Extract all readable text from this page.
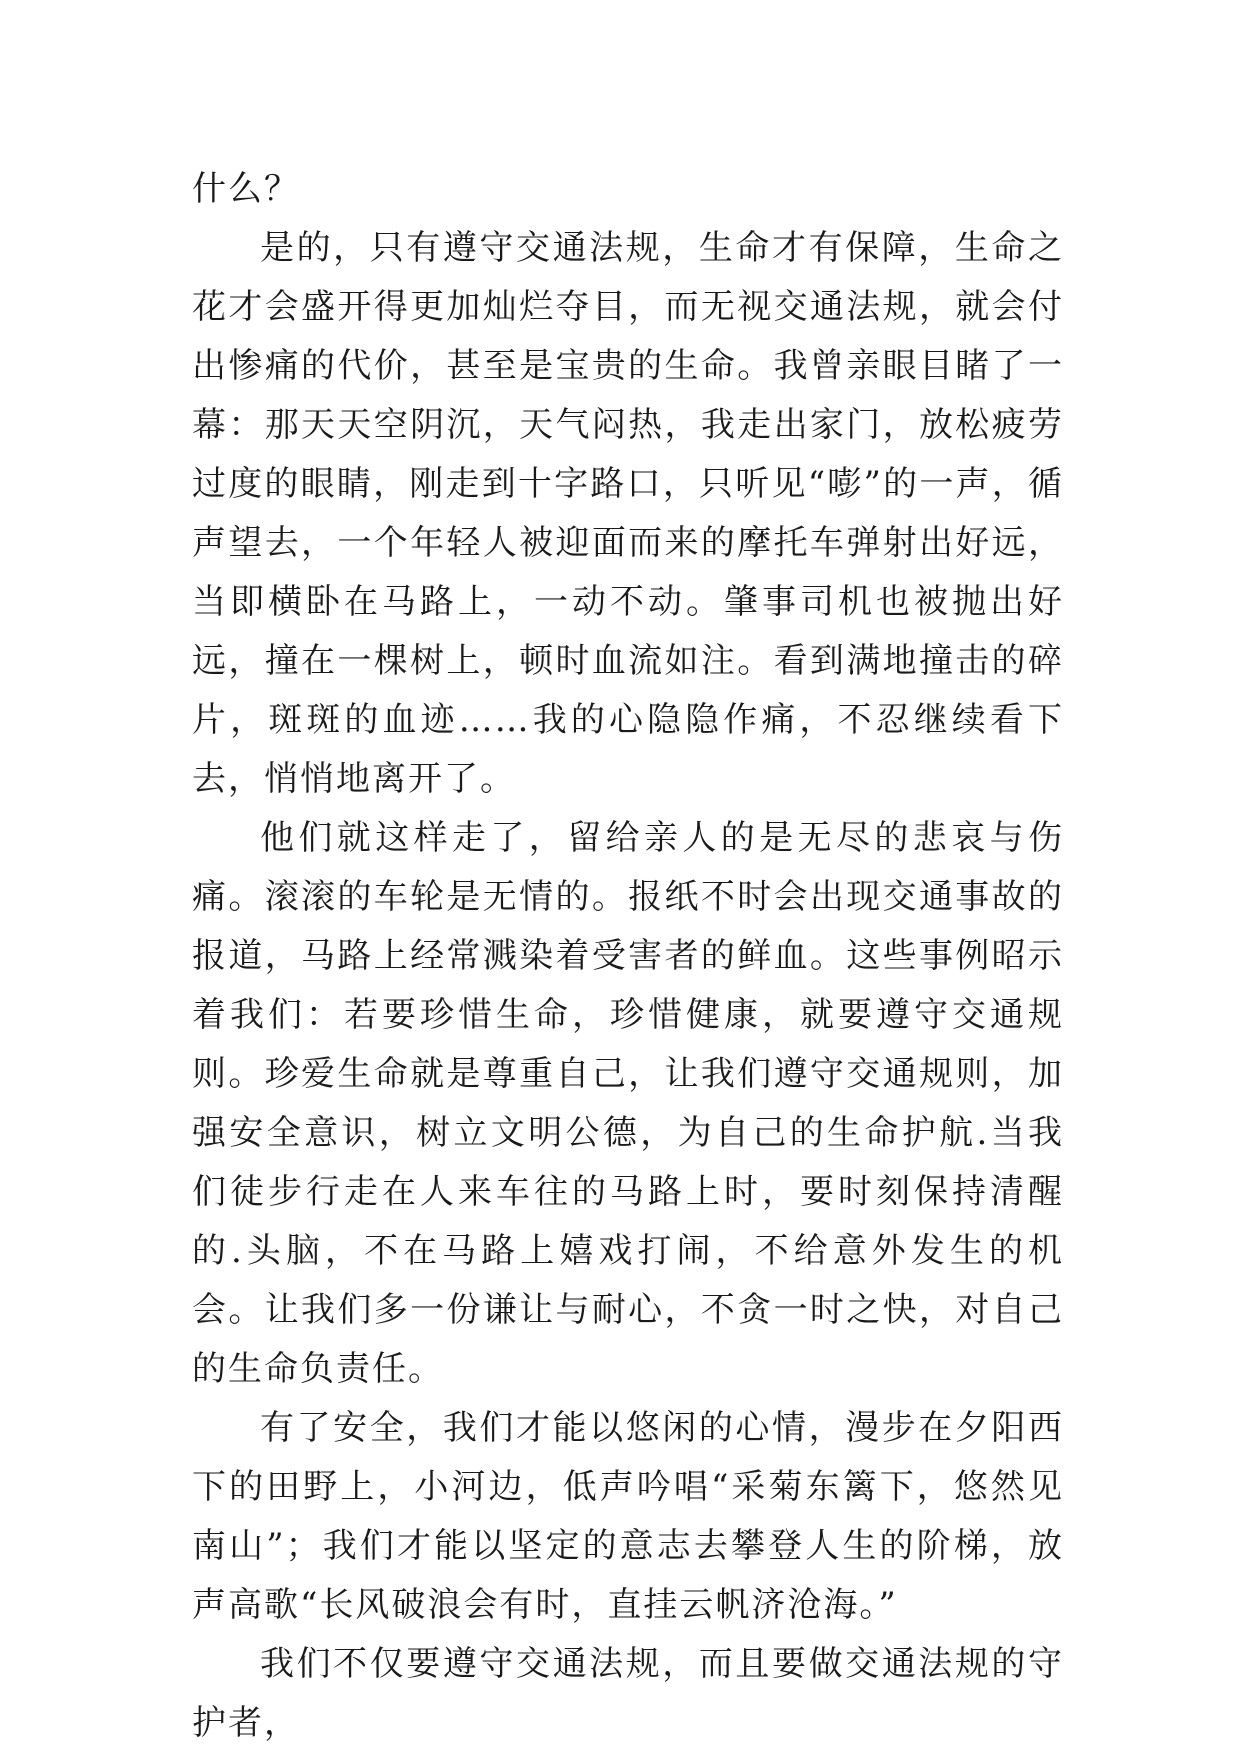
什么？

是的，只有遵守交通法规，生命才有保障，生命之花才会盛开得更加灿烂夺目，而无视交通法规，就会付出惨痛的代价，甚至是宝贵的生命。我曾亲眼目睹了一幕：那天天空阴沉，天气闷热，我走出家门，放松疲劳过度的眼睛，刚走到十字路口，只听见“嘭”的一声，循声望去，一个年轻人被迎面而来的摩托车弹射出好远，当即横卧在马路上，一动不动。肇事司机也被抛出好远，撞在一棵树上，顿时血流如注。看到满地撞击的碎片，斑斑的血迹……我的心隐隐作痛，不忍继续看下去，悄悄地离开了。

他们就这样走了，留给亲人的是无尽的悲哀与伤痛。滚滚的车轮是无情的。报纸不时会出现交通事故的报道，马路上经常溅染着受害者的鲜血。这些事例昭示着我们：若要珍惜生命，珍惜健康，就要遵守交通规则。珍爱生命就是尊重自己，让我们遵守交通规则，加强安全意识，树立文明公德，为自己的生命护航.当我们徒步行走在人来车往的马路上时，要时刻保持清醒的.头脑，不在马路上嬉戏打闹，不给意外发生的机会。让我们多一份谦让与耐心，不贪一时之快，对自己的生命负责任。

有了安全，我们才能以悠闲的心情，漫步在夕阳西下的田野上，小河边，低声吟唱“采菊东篱下，悠然见南山”；我们才能以坚定的意志去攀登人生的阶梯，放声高歌“长风破浪会有时，直挂云帆济沧海。”

我们不仅要遵守交通法规，而且要做交通法规的守护者，
